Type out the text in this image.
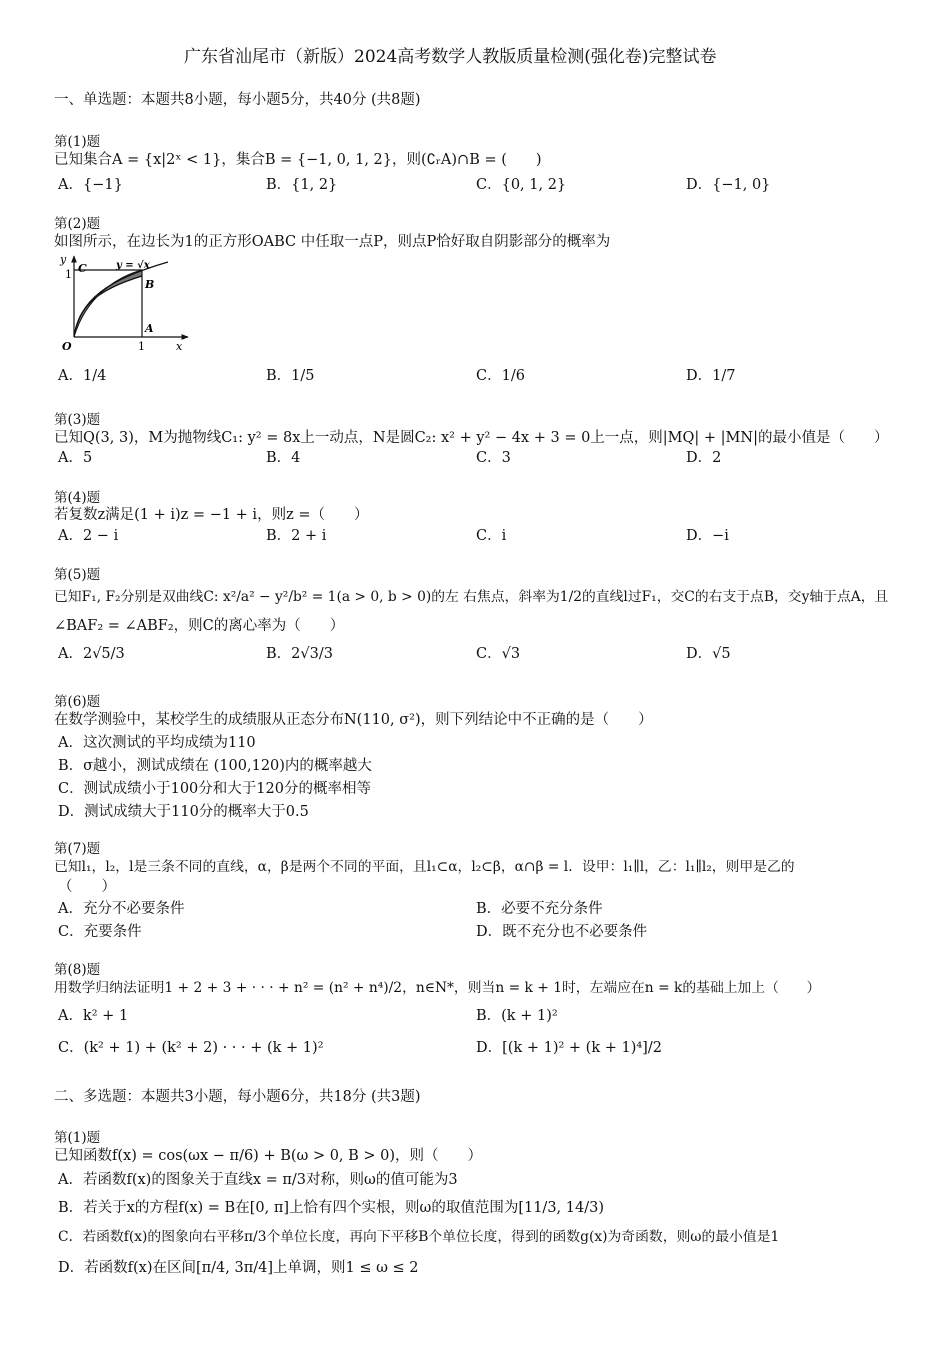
广东省汕尾市（新版）2024高考数学人教版质量检测(强化卷)完整试卷
一、单选题：本题共8小题，每小题5分，共40分 (共8题)
第(1)题
已知集合A = {x|2ˣ < 1}，集合B = {−1, 0, 1, 2}，则(∁ᵣA)∩B = (　　)
A．{−1}	B．{1, 2}	C．{0, 1, 2}	D．{−1, 0}
第(2)题
如图所示，在边长为1的正方形OABC 中任取一点P，则点P恰好取自阴影部分的概率为
y
x
O
C
B
A
1
1
y = √x
A．1/4	B．1/5	C．1/6	D．1/7
第(3)题
已知Q(3, 3)，M为抛物线C₁: y² = 8x上一动点，N是圆C₂: x² + y² − 4x + 3 = 0上一点，则|MQ| + |MN|的最小值是（　　）
A．5	B．4	C．3	D．2
第(4)题
若复数z满足(1 + i)z = −1 + i，则z =（　　）
A．2 − i	B．2 + i	C．i	D．−i
第(5)题
已知F₁, F₂分别是双曲线C: x²/a² − y²/b² = 1(a > 0, b > 0)的左 右焦点，斜率为1/2的直线l过F₁，交C的右支于点B，交y轴于点A，且
∠BAF₂ = ∠ABF₂，则C的离心率为（　　）
A．2√5/3	B．2√3/3	C．√3	D．√5
第(6)题
在数学测验中，某校学生的成绩服从正态分布N(110, σ²)，则下列结论中不正确的是（　　）
A．这次测试的平均成绩为110
B．σ越小，测试成绩在 (100,120)内的概率越大
C．测试成绩小于100分和大于120分的概率相等
D．测试成绩大于110分的概率大于0.5
第(7)题
已知l₁，l₂，l是三条不同的直线，α，β是两个不同的平面，且l₁⊂α，l₂⊂β，α∩β = l．设甲：l₁∥l，乙：l₁∥l₂，则甲是乙的
（　　）
A．充分不必要条件	B．必要不充分条件
C．充要条件	D．既不充分也不必要条件
第(8)题
用数学归纳法证明1 + 2 + 3 + · · · + n² = (n² + n⁴)/2，n∈N*，则当n = k + 1时，左端应在n = k的基础上加上（　　）
A．k² + 1	B．(k + 1)²
C．(k² + 1) + (k² + 2) · · · + (k + 1)²	D．[(k + 1)² + (k + 1)⁴]/2
二、多选题：本题共3小题，每小题6分，共18分 (共3题)
第(1)题
已知函数f(x) = cos(ωx − π/6) + B(ω > 0, B > 0)，则（　　）
A．若函数f(x)的图象关于直线x = π/3对称，则ω的值可能为3
B．若关于x的方程f(x) = B在[0, π]上恰有四个实根，则ω的取值范围为[11/3, 14/3)
C．若函数f(x)的图象向右平移π/3个单位长度，再向下平移B个单位长度，得到的函数g(x)为奇函数，则ω的最小值是1
D．若函数f(x)在区间[π/4, 3π/4]上单调，则1 ≤ ω ≤ 2
